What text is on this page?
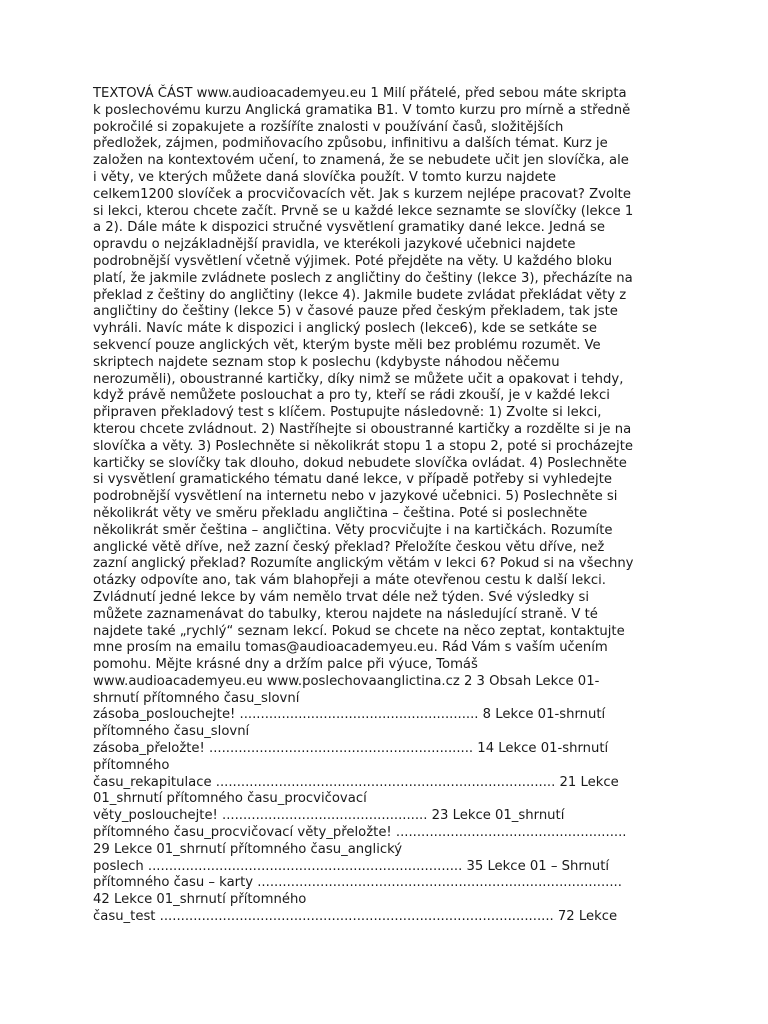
TEXTOVÁ ČÁST www.audioacademyeu.eu 1 Milí přátelé, před sebou máte skripta
k poslechovému kurzu Anglická gramatika B1. V tomto kurzu pro mírně a středně
pokročilé si zopakujete a rozšíříte znalosti v používání časů, složitějších
předložek, zájmen, podmiňovacího způsobu, infinitivu a dalších témat. Kurz je
založen na kontextovém učení, to znamená, že se nebudete učit jen slovíčka, ale
i věty, ve kterých můžete daná slovíčka použít. V tomto kurzu najdete
celkem1200 slovíček a procvičovacích vět. Jak s kurzem nejlépe pracovat? Zvolte
si lekci, kterou chcete začít. Prvně se u každé lekce seznamte se slovíčky (lekce 1
a 2). Dále máte k dispozici stručné vysvětlení gramatiky dané lekce. Jedná se
opravdu o nejzákladnější pravidla, ve kterékoli jazykové učebnici najdete
podrobnější vysvětlení včetně výjimek. Poté přejděte na věty. U každého bloku
platí, že jakmile zvládnete poslech z angličtiny do češtiny (lekce 3), přecházíte na
překlad z češtiny do angličtiny (lekce 4). Jakmile budete zvládat překládat věty z
angličtiny do češtiny (lekce 5) v časové pauze před českým překladem, tak jste
vyhráli. Navíc máte k dispozici i anglický poslech (lekce6), kde se setkáte se
sekvencí pouze anglických vět, kterým byste měli bez problému rozumět. Ve
skriptech najdete seznam stop k poslechu (kdybyste náhodou něčemu
nerozuměli), oboustranné kartičky, díky nimž se můžete učit a opakovat i tehdy,
když právě nemůžete poslouchat a pro ty, kteří se rádi zkouší, je v každé lekci
připraven překladový test s klíčem. Postupujte následovně: 1) Zvolte si lekci,
kterou chcete zvládnout. 2) Nastříhejte si oboustranné kartičky a rozdělte si je na
slovíčka a věty. 3) Poslechněte si několikrát stopu 1 a stopu 2, poté si procházejte
kartičky se slovíčky tak dlouho, dokud nebudete slovíčka ovládat. 4) Poslechněte
si vysvětlení gramatického tématu dané lekce, v případě potřeby si vyhledejte
podrobnější vysvětlení na internetu nebo v jazykové učebnici. 5) Poslechněte si
několikrát věty ve směru překladu angličtina – čeština. Poté si poslechněte
několikrát směr čeština – angličtina. Věty procvičujte i na kartičkách. Rozumíte
anglické větě dříve, než zazní český překlad? Přeložíte českou větu dříve, než
zazní anglický překlad? Rozumíte anglickým větám v lekci 6? Pokud si na všechny
otázky odpovíte ano, tak vám blahopřeji a máte otevřenou cestu k další lekci.
Zvládnutí jedné lekce by vám nemělo trvat déle než týden. Své výsledky si
můžete zaznamenávat do tabulky, kterou najdete na následující straně. V té
najdete také „rychlý“ seznam lekcí. Pokud se chcete na něco zeptat, kontaktujte
mne prosím na emailu tomas@audioacademyeu.eu. Rád Vám s vaším učením
pomohu. Mějte krásné dny a držím palce při výuce, Tomáš
www.audioacademyeu.eu www.poslechovaanglictina.cz 2 3 Obsah Lekce 01-
shrnutí přítomného času_slovní
zásoba_poslouchejte! ......................................................... 8 Lekce 01-shrnutí
přítomného času_slovní
zásoba_přeložte! ............................................................... 14 Lekce 01-shrnutí
přítomného
času_rekapitulace ................................................................................. 21 Lekce
01_shrnutí přítomného času_procvičovací
věty_poslouchejte! ................................................. 23 Lekce 01_shrnutí
přítomného času_procvičovací věty_přeložte! .......................................................
29 Lekce 01_shrnutí přítomného času_anglický
poslech ........................................................................... 35 Lekce 01 – Shrnutí
přítomného času – karty .......................................................................................
42 Lekce 01_shrnutí přítomného
času_test .............................................................................................. 72 Lekce
